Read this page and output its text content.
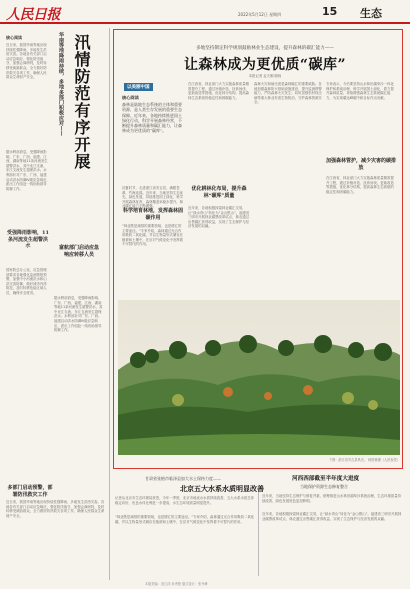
人民日报	2022年5月12日 星期四	15 生态
核心阅读
近日来，我国华南等地出现持续性强降雨，多地发生洪涝灾害。各地各有关部门启动应急响应，强化防汛值守，加强会商研判，及时转移受威胁群众，全力做好防汛救灾各项工作，确保人民群众生命财产安全。	华南等地降雨持续，多地多部门积极应对—— 汛情防范有序开展
受强降雨影响，11条河流发生超警洪水
据水利部消息，受强降雨影响，广东、广西、福建、江西、湖南等地11条河流发生超警洪水，其中北江支流、东江支流发生超保洪水。水利部针对广东、广西、福建启动洪水防御Ⅳ级应急响应，派出工作组赴一线协助指导防御工作。
国家防总办公室、应急管理部要求各地强化监测预报预警，加强中小河流洪水和山洪灾害防御，做好城市内涝防范，及时转移危险区域人员，确保安全度汛。
据水利部消息，受强降雨影响，广东、广西、福建、江西、湖南等地11条河流发生超警洪水，其中北江支流、东江支流发生超保洪水。水利部针对广东、广西、福建启动洪水防御Ⅳ级应急响应，派出工作组赴一线协助指导防御工作。
富航部门启动应急响应转移人员
多部门启动预警，部署防汛救灾工作
近日来，我国华南等地出现持续性强降雨，多地发生洪涝灾害。各地各有关部门启动应急响应，强化防汛值守，加强会商研判，及时转移受威胁群众，全力做好防汛救灾各项工作，确保人民群众生命财产安全。
多地坚持制定科学规划鼓励林业生态建设，提升森林的碳汇能力——
让森林成为更优质“碳库”
本报记者 孟天顺 顾杨
以美丽中国
核心阅读
森林是陆地生态系统的主体和重要资源，是人类生存发展的重要生态保障。近年来，各地持续推进国土绿化行动，科学开展森林经营，不断提升森林质量和碳汇能力，让森林成为更优质的“碳库”。
初夏时节，走进浙江省安吉县，满眼苍翠，竹海连绵。近年来，当地坚持生态优先、绿色发展，持续推进国土绿化，科学开展森林抚育，森林覆盖率稳步提升，林业碳汇能力不断增强。
科学培育林地，发挥森林固碳作用
“林业既是减排的重要领域，也是增汇的主要途径。”专家介绍，森林通过光合作用吸收二氧化碳，并以生物量形式储存在植被和土壤中，在应对气候变化中发挥着不可替代的作用。
在江西省，林业部门大力实施森林质量精准提升工程，通过补植补造、抚育间伐、更新改造等措施，优化林分结构，提高森林生态系统的稳定性和固碳能力。
优化耕林化布局，提升森林“碳库”质量
近年来，各地积极探索林业碳汇交易，让“绿水青山”转化为“金山银山”。福建省三明市开展林业碳票改革试点，林农通过出售碳汇获得收益，实现了生态保护与经济发展的双赢。
森林火灾和病虫害是森林碳汇的重要威胁。各地加强森林防火基础设施建设，提升监测预警能力，严防森林火灾发生；同时加强松材线虫病等重大林业有害生物防治，守护森林资源安全。
专家表示，今后要坚持山水林田湖草沙一体化保护和系统治理，科学开展国土绿化，着力提升森林质量，持续增强森林生态系统碳汇能力，为实现碳达峰碳中和目标作出贡献。
加强森林管护，减少灾害的碳排放
在江西省，林业部门大力实施森林质量精准提升工程，通过补植补造、抚育间伐、更新改造等措施，优化林分结构，提高森林生态系统的稳定性和固碳能力。
下图：浙江省安吉县风光。 杨铁林摄（人民视觉）
甘肃省张掖市临泽县加大水土保持力度——
北京五大水系水质明显改善
记者从北京市生态环境局获悉，今年一季度，北京市地表水水质持续改善，五大水系水质总体稳定向好，优良水体比例进一步提高，水生态环境质量明显提升。
“林业既是减排的重要领域，也是增汇的主要途径。”专家介绍，森林通过光合作用吸收二氧化碳，并以生物量形式储存在植被和土壤中，在应对气候变化中发挥着不可替代的作用。
河西西部截至半年度大进度
当地保护资源生态修复整合
近年来，当地坚持生态保护与修复并重，统筹推进山水林田湖草沙系统治理，生态环境质量持续改善，绿色发展底色更加鲜明。
近年来，各地积极探索林业碳汇交易，让“绿水青山”转化为“金山银山”。福建省三明市开展林业碳票改革试点，林农通过出售碳汇获得收益，实现了生态保护与经济发展的双赢。
本版责编：寇江泽 孙秀艳 版式设计：张丹峰
